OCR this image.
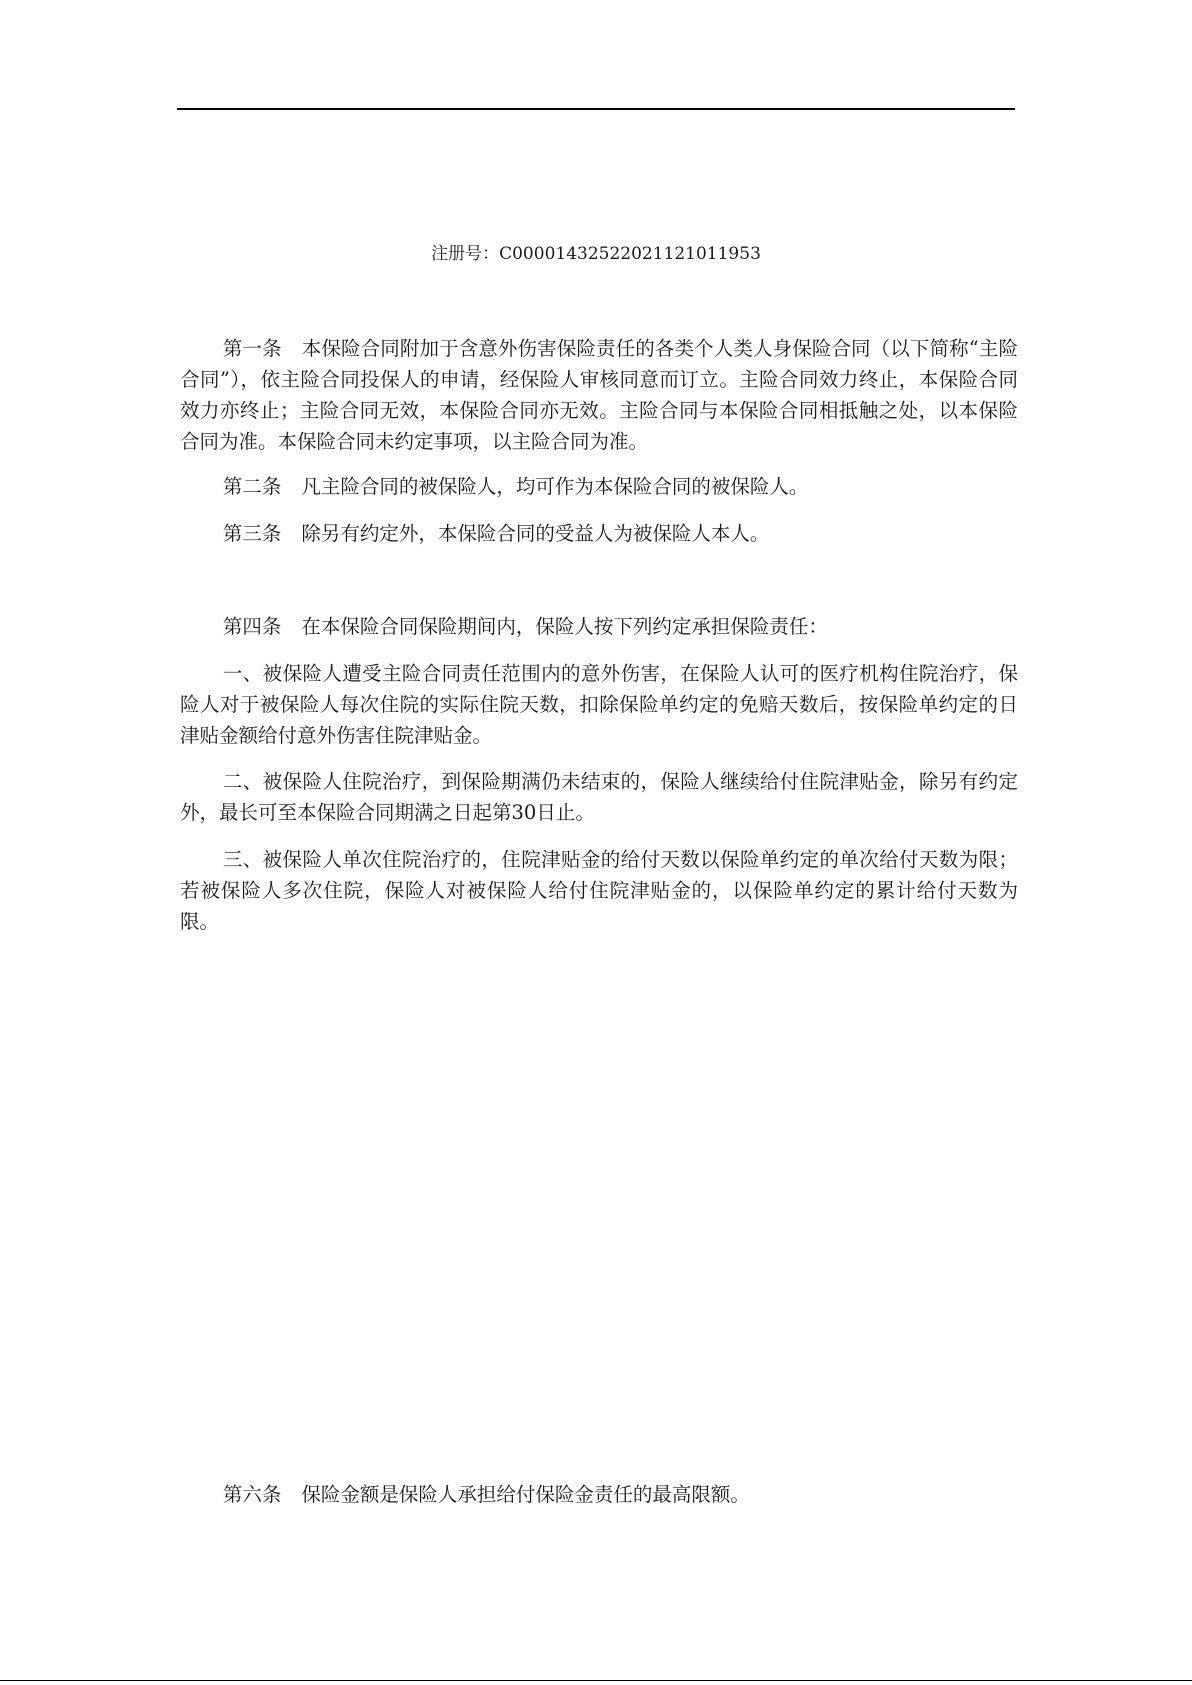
注册号：C00001432522021121011953

第一条 本保险合同附加于含意外伤害保险责任的各类个人类人身保险合同（以下简称“主险合同”），依主险合同投保人的申请，经保险人审核同意而订立。主险合同效力终止，本保险合同效力亦终止；主险合同无效，本保险合同亦无效。主险合同与本保险合同相抵触之处，以本保险合同为准。本保险合同未约定事项，以主险合同为准。

第二条 凡主险合同的被保险人，均可作为本保险合同的被保险人。

第三条 除另有约定外，本保险合同的受益人为被保险人本人。

第四条 在本保险合同保险期间内，保险人按下列约定承担保险责任：

一、被保险人遭受主险合同责任范围内的意外伤害，在保险人认可的医疗机构住院治疗，保险人对于被保险人每次住院的实际住院天数，扣除保险单约定的免赔天数后，按保险单约定的日津贴金额给付意外伤害住院津贴金。

二、被保险人住院治疗，到保险期满仍未结束的，保险人继续给付住院津贴金，除另有约定外，最长可至本保险合同期满之日起第30日止。

三、被保险人单次住院治疗的，住院津贴金的给付天数以保险单约定的单次给付天数为限；若被保险人多次住院，保险人对被保险人给付住院津贴金的，以保险单约定的累计给付天数为限。

第六条 保险金额是保险人承担给付保险金责任的最高限额。
